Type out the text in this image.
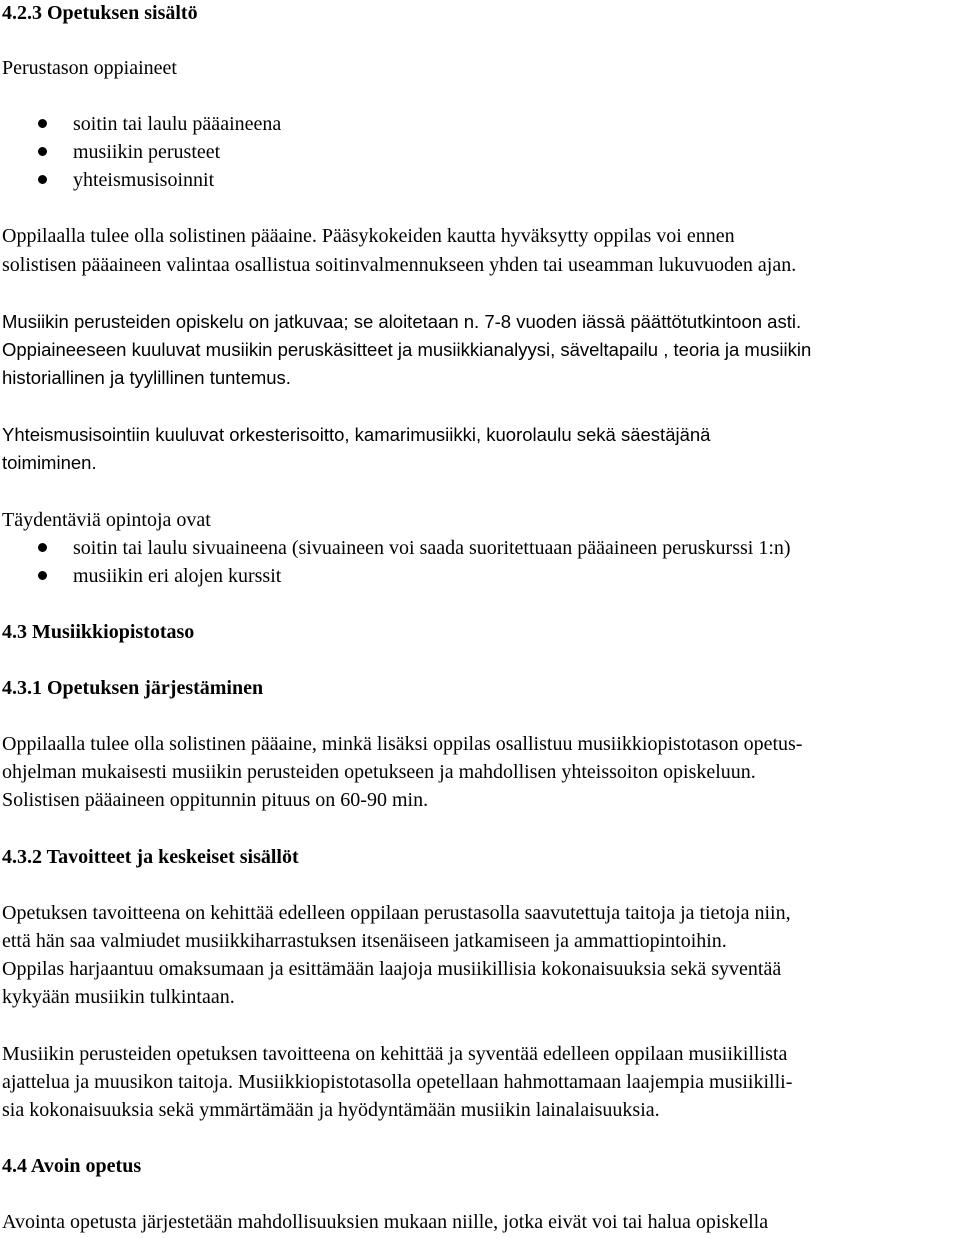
4.2.3 Opetuksen sisältö
Perustason oppiaineet
soitin tai laulu pääaineena
musiikin perusteet
yhteismusisoinnit
Oppilaalla tulee olla solistinen pääaine. Pääsykokeiden kautta hyväksytty oppilas voi ennen
solistisen pääaineen valintaa osallistua soitinvalmennukseen yhden tai useamman lukuvuoden ajan.
Musiikin perusteiden opiskelu on jatkuvaa; se aloitetaan n. 7-8 vuoden iässä päättötutkintoon asti.
Oppiaineeseen kuuluvat musiikin peruskäsitteet ja musiikkianalyysi, säveltapailu , teoria ja musiikin
historiallinen ja tyylillinen tuntemus.
Yhteismusisointiin kuuluvat orkesterisoitto, kamarimusiikki, kuorolaulu sekä säestäjänä
toimiminen.
Täydentäviä opintoja ovat
soitin tai laulu sivuaineena (sivuaineen voi saada suoritettuaan pääaineen peruskurssi 1:n)
musiikin eri alojen kurssit
4.3 Musiikkiopistotaso
4.3.1 Opetuksen järjestäminen
Oppilaalla tulee olla solistinen pääaine, minkä lisäksi oppilas osallistuu musiikkiopistotason opetus-
ohjelman mukaisesti musiikin perusteiden opetukseen ja mahdollisen yhteissoiton opiskeluun.
Solistisen pääaineen oppitunnin pituus on 60-90 min.
4.3.2 Tavoitteet ja keskeiset sisällöt
Opetuksen tavoitteena on kehittää edelleen oppilaan perustasolla saavutettuja taitoja ja tietoja niin,
että hän saa valmiudet musiikkiharrastuksen itsenäiseen jatkamiseen ja ammattiopintoihin.
Oppilas harjaantuu omaksumaan ja esittämään laajoja musiikillisia kokonaisuuksia sekä syventää
kykyään musiikin tulkintaan.
Musiikin perusteiden opetuksen tavoitteena on kehittää ja syventää edelleen oppilaan musiikillista
ajattelua ja muusikon taitoja. Musiikkiopistotasolla opetellaan hahmottamaan laajempia musiikilli-
sia kokonaisuuksia sekä ymmärtämään ja hyödyntämään musiikin lainalaisuuksia.
4.4 Avoin opetus
Avointa opetusta järjestetään mahdollisuuksien mukaan niille, jotka eivät voi tai halua opiskella
